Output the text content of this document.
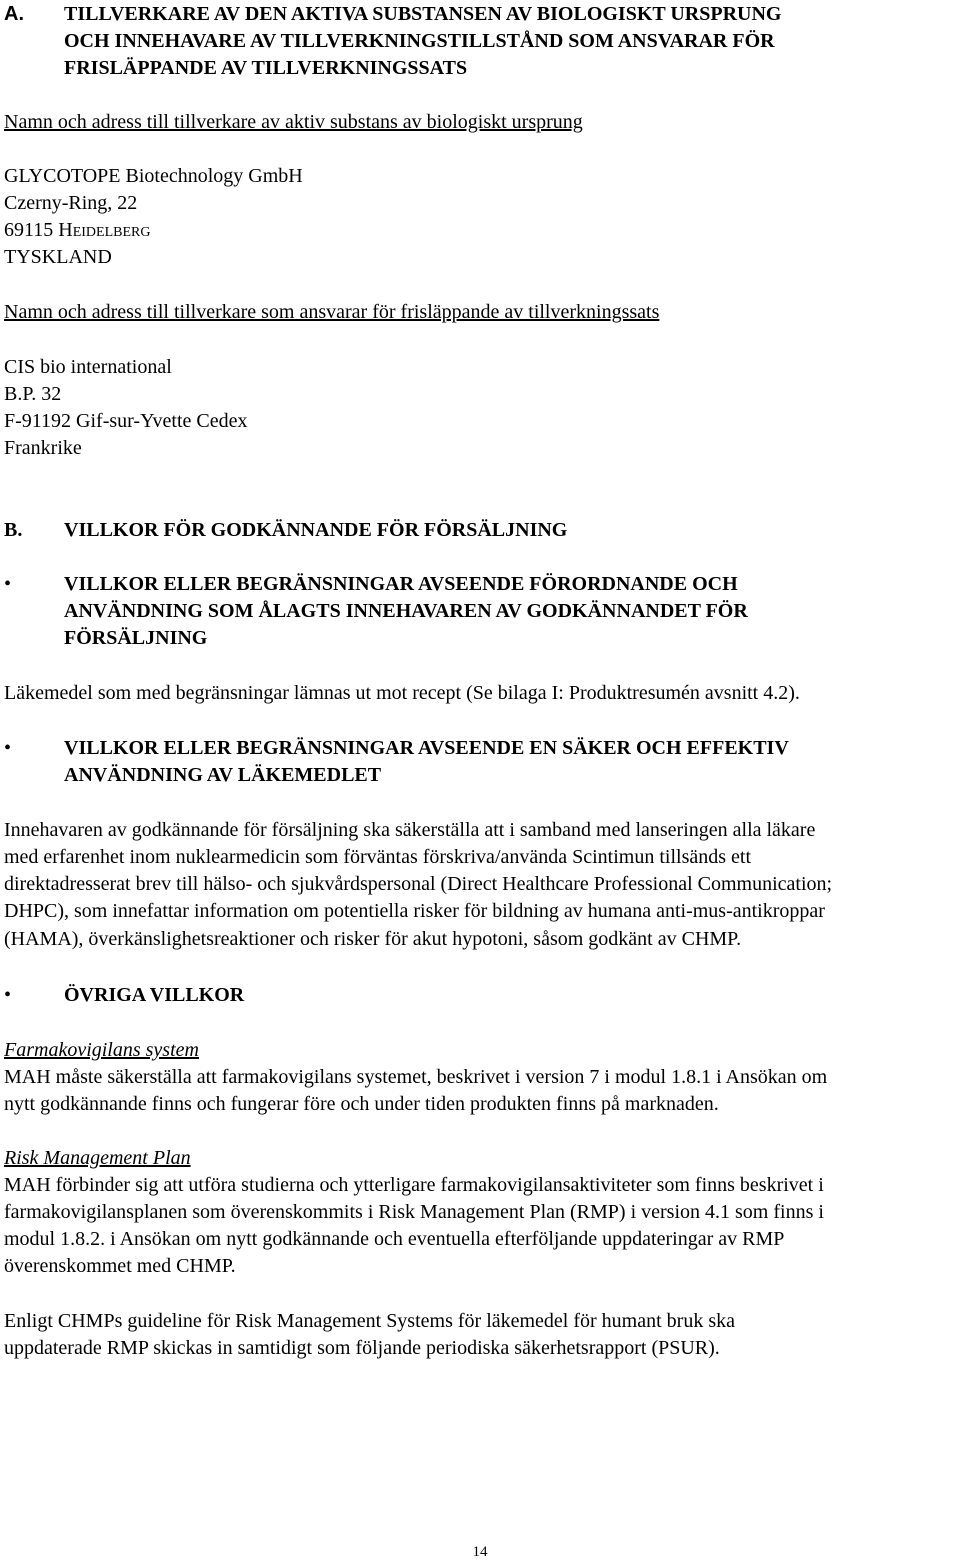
A. TILLVERKARE AV DEN AKTIVA SUBSTANSEN AV BIOLOGISKT URSPRUNG
OCH INNEHAVARE AV TILLVERKNINGSTILLSTÅND SOM ANSVARAR FÖR
FRISLÄPPANDE AV TILLVERKNINGSSATS
Namn och adress till tillverkare av aktiv substans av biologiskt ursprung
GLYCOTOPE Biotechnology GmbH
Czerny-Ring, 22
69115 Heidelberg
TYSKLAND
Namn och adress till tillverkare som ansvarar för frisläppande av tillverkningssats
CIS bio international
B.P. 32
F-91192 Gif-sur-Yvette Cedex
Frankrike
B. VILLKOR FÖR GODKÄNNANDE FÖR FÖRSÄLJNING
•	VILLKOR ELLER BEGRÄNSNINGAR AVSEENDE FÖRORDNANDE OCH
ANVÄNDNING SOM ÅLAGTS INNEHAVAREN AV GODKÄNNANDET FÖR
FÖRSÄLJNING
Läkemedel som med begränsningar lämnas ut mot recept (Se bilaga I: Produktresumén avsnitt 4.2).
•	VILLKOR ELLER BEGRÄNSNINGAR AVSEENDE EN SÄKER OCH EFFEKTIV
ANVÄNDNING AV LÄKEMEDLET
Innehavaren av godkännande för försäljning ska säkerställa att i samband med lanseringen alla läkare
med erfarenhet inom nuklearmedicin som förväntas förskriva/använda Scintimun tillsänds ett
direktadresserat brev till hälso- och sjukvårdspersonal (Direct Healthcare Professional Communication;
DHPC), som innefattar information om potentiella risker för bildning av humana anti-mus-antikroppar
(HAMA), överkänslighetsreaktioner och risker för akut hypotoni, såsom godkänt av CHMP.
•	ÖVRIGA VILLKOR
Farmakovigilans system
MAH måste säkerställa att farmakovigilans systemet, beskrivet i version 7 i modul 1.8.1 i Ansökan om
nytt godkännande finns och fungerar före och under tiden produkten finns på marknaden.
Risk Management Plan
MAH förbinder sig att utföra studierna och ytterligare farmakovigilansaktiviteter som finns beskrivet i
farmakovigilansplanen som överenskommits i Risk Management Plan (RMP) i version 4.1 som finns i
modul 1.8.2. i Ansökan om nytt godkännande och eventuella efterföljande uppdateringar av RMP
överenskommet med CHMP.
Enligt CHMPs guideline för Risk Management Systems för läkemedel för humant bruk ska
uppdaterade RMP skickas in samtidigt som följande periodiska säkerhetsrapport (PSUR).
14
